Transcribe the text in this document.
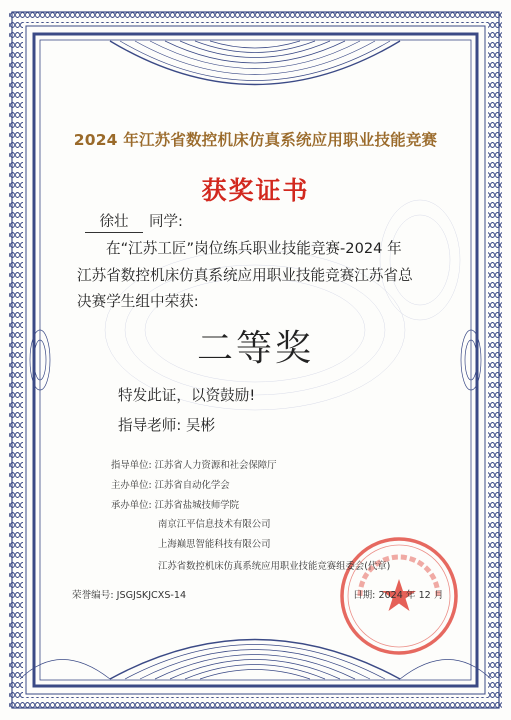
2024 年江苏省数控机床仿真系统应用职业技能竞赛

获奖证书

徐壮 同学:

在“江苏工匠”岗位练兵职业技能竞赛-2024 年

江苏省数控机床仿真系统应用职业技能竞赛江苏省总

决赛学生组中荣获:

二等奖

特发此证，以资鼓励!

指导老师: 吴彬

指导单位: 江苏省人力资源和社会保障厅

主办单位: 江苏省自动化学会

承办单位: 江苏省盐城技师学院

南京江平信息技术有限公司

上海巅思智能科技有限公司

江苏省数控机床仿真系统应用职业技能竞赛组委会(代章)

荣誉编号: JSGJSKJCXS-14	日期: 2024 年 12 月
